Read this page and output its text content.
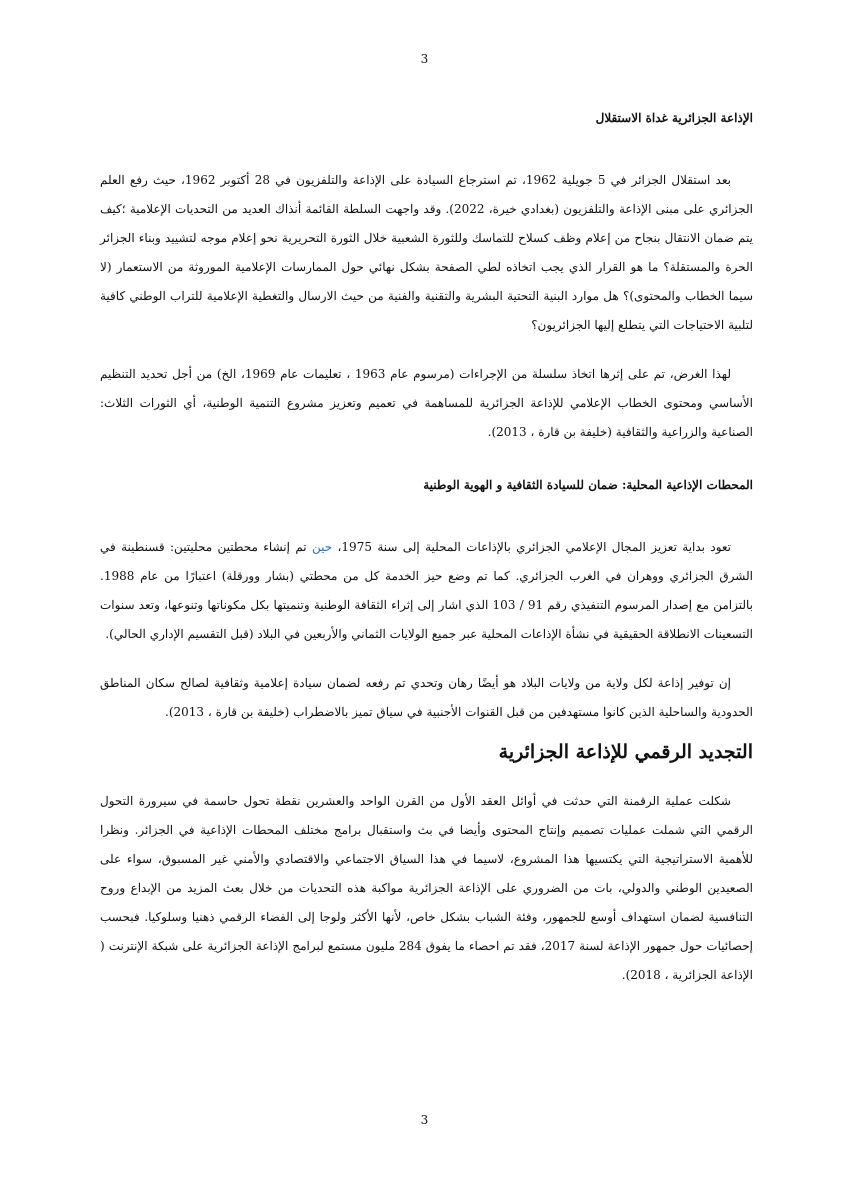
3
الإذاعة الجزائرية غداة الاستقلال

بعد استقلال الجزائر في 5 جويلية 1962، تم استرجاع السيادة على الإذاعة والتلفزيون في 28 أكتوبر 1962، حيث رفع العلم الجزائري على مبنى الإذاعة والتلفزيون (بغدادي خيرة، 2022). وقد واجهت السلطة القائمة أنذاك العديد من التحديات الإعلامية ؛كيف يتم ضمان الانتقال بنجاح من إعلام وظف كسلاح للتماسك وللثورة الشعبية خلال الثورة التحريرية نحو إعلام موجه لتشييد وبناء الجزائر الحرة والمستقلة؟ ما هو القرار الذي يجب اتخاذه لطي الصفحة بشكل نهائي حول الممارسات الإعلامية الموروثة من الاستعمار (لا سيما الخطاب والمحتوى)؟ هل موارد البنية التحتية البشرية والتقنية والفنية من حيث الارسال والتغطية الإعلامية للتراب الوطني كافية لتلبية الاحتياجات التي يتطلع إليها الجزائريون؟

لهذا الغرض، تم على إثرها اتخاذ سلسلة من الإجراءات (مرسوم عام 1963 ، تعليمات عام 1969، الخ) من أجل تحديد التنظيم الأساسي ومحتوى الخطاب الإعلامي للإذاعة الجزائرية للمساهمة في تعميم وتعزيز مشروع التنمية الوطنية، أي الثورات الثلاث: الصناعية والزراعية والثقافية (خليفة بن قارة ، 2013).

المحطات الإذاعية المحلية: ضمان للسيادة الثقافية و الهوية الوطنية

تعود بداية تعزيز المجال الإعلامي الجزائري بالإذاعات المحلية إلى سنة 1975، حين تم إنشاء محطتين محليتين: قسنطينة في الشرق الجزائري ووهران في الغرب الجزائري. كما تم وضع حيز الخدمة كل من محطتي (بشار وورقلة) اعتبارًا من عام 1988. بالتزامن مع إصدار المرسوم التنفيذي رقم 91 / 103 الذي اشار إلى إثراء الثقافة الوطنية وتنميتها بكل مكوناتها وتنوعها، وتعد سنوات التسعينات الانطلاقة الحقيقية في نشأة الإذاعات المحلية عبر جميع الولايات الثماني والأربعين في البلاد (قبل التقسيم الإداري الحالي).

إن توفير إذاعة لكل ولاية من ولايات البلاد هو أيضًا رهان وتحدي تم رفعه لضمان سيادة إعلامية وثقافية لصالح سكان المناطق الحدودية والساحلية الذين كانوا مستهدفين من قبل القنوات الأجنبية في سياق تميز بالاضطراب (خليفة بن قارة ، 2013).

التجديد الرقمي للإذاعة الجزائرية

شكلت عملية الرقمنة التي حدثت في أوائل العقد الأول من القرن الواحد والعشرين نقطة تحول حاسمة في سيرورة التحول الرقمي التي شملت عمليات تصميم وإنتاج المحتوى وأيضا في بث واستقبال برامج مختلف المحطات الإذاعية في الجزائر. ونظرا للأهمية الاستراتيجية التي يكتسيها هذا المشروع، لاسيما في هذا السياق الاجتماعي والاقتصادي والأمني غير المسبوق، سواء على الصعيدين الوطني والدولي، بات من الضروري على الإذاعة الجزائرية مواكبة هذه التحديات من خلال بعث المزيد من الإبداع وروح التنافسية لضمان استهداف أوسع للجمهور، وفئة الشباب بشكل خاص، لأنها الأكثر ولوجا إلى الفضاء الرقمي ذهنيا وسلوكيا. فبحسب إحصائيات حول جمهور الإذاعة لسنة 2017، فقد تم احصاء ما يفوق 284 مليون مستمع لبرامج الإذاعة الجزائرية على شبكة الإنترنت ( الإذاعة الجزائرية ، 2018).

3
